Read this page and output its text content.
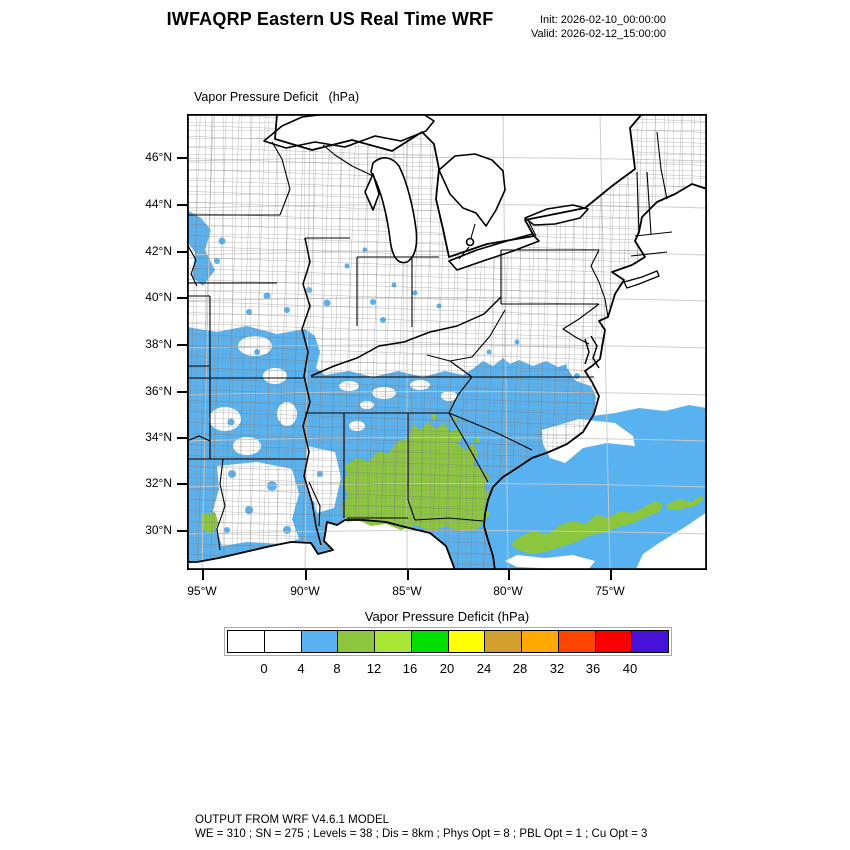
IWFAQRP Eastern US Real Time WRF	Init: 2026-02-10_00:00:00
Valid: 2026-02-12_15:00:00
Vapor Pressure Deficit   (hPa)
46°N
44°N
42°N
40°N
38°N
36°N
34°N
32°N
30°N
95°W	90°W	85°W	80°W	75°W
Vapor Pressure Deficit (hPa)
0	4	8	12	16	20	24	28	32	36	40
OUTPUT FROM WRF V4.6.1 MODEL
WE = 310 ; SN = 275 ; Levels = 38 ; Dis = 8km ; Phys Opt = 8 ; PBL Opt = 1 ; Cu Opt = 3
